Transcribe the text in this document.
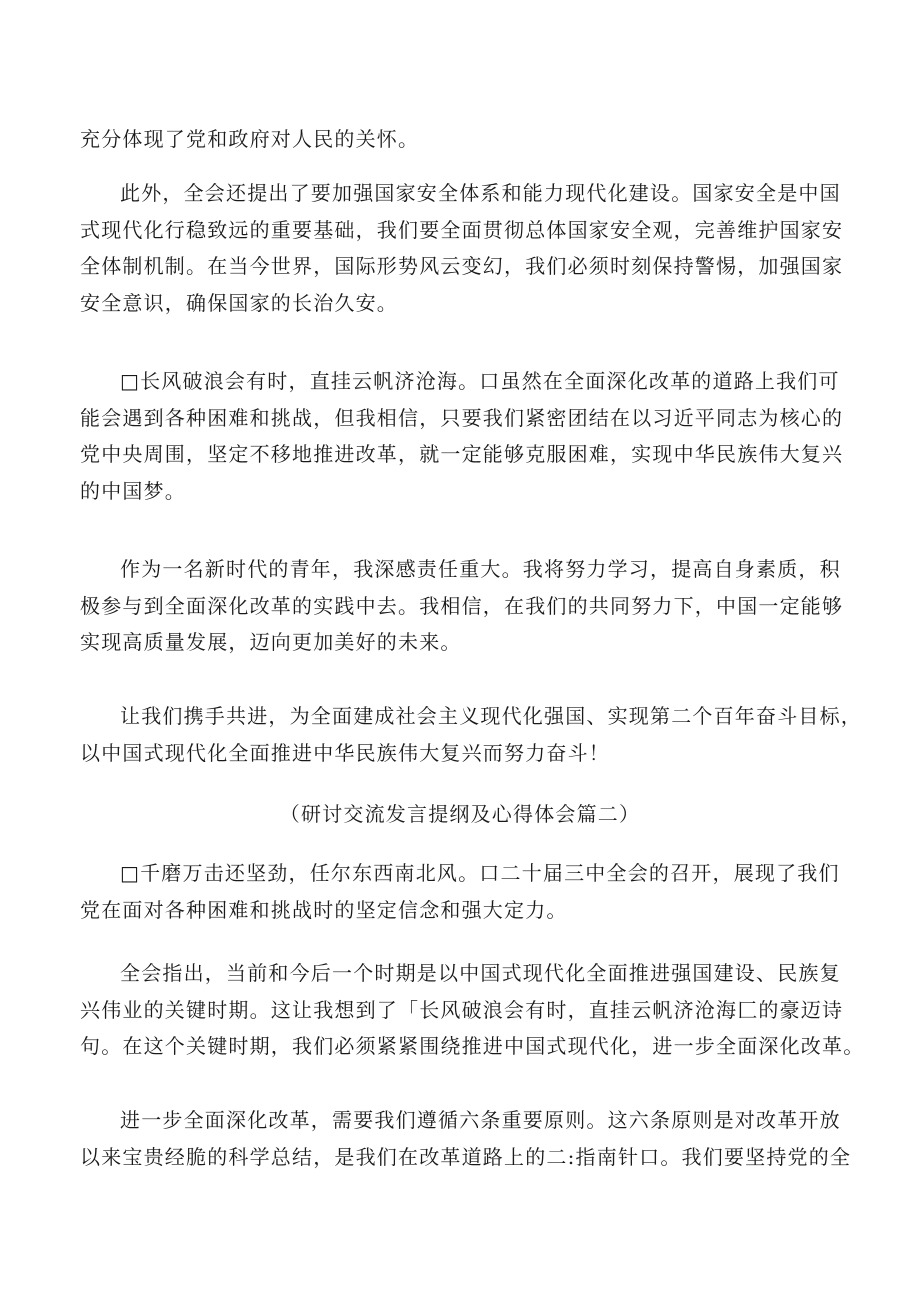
充分体现了党和政府对人民的关怀。
此外，全会还提出了要加强国家安全体系和能力现代化建设。国家安全是中国
式现代化行稳致远的重要基础，我们要全面贯彻总体国家安全观，完善维护国家安
全体制机制。在当今世界，国际形势风云变幻，我们必须时刻保持警惕，加强国家
安全意识，确保国家的长治久安。
□长风破浪会有时，直挂云帆济沧海。口虽然在全面深化改革的道路上我们可
能会遇到各种困难和挑战，但我相信，只要我们紧密团结在以习近平同志为核心的
党中央周围，坚定不移地推进改革，就一定能够克服困难，实现中华民族伟大复兴
的中国梦。
作为一名新时代的青年，我深感责任重大。我将努力学习，提高自身素质，积
极参与到全面深化改革的实践中去。我相信，在我们的共同努力下，中国一定能够
实现高质量发展，迈向更加美好的未来。
让我们携手共进，为全面建成社会主义现代化强国、实现第二个百年奋斗目标，
以中国式现代化全面推进中华民族伟大复兴而努力奋斗！

（研讨交流发言提纲及心得体会篇二）

□千磨万击还坚劲，任尔东西南北风。口二十届三中全会的召开，展现了我们
党在面对各种困难和挑战时的坚定信念和强大定力。
全会指出，当前和今后一个时期是以中国式现代化全面推进强国建设、民族复
兴伟业的关键时期。这让我想到了「长风破浪会有时，直挂云帆济沧海匚的豪迈诗
句。在这个关键时期，我们必须紧紧围绕推进中国式现代化，进一步全面深化改革。
进一步全面深化改革，需要我们遵循六条重要原则。这六条原则是对改革开放
以来宝贵经脆的科学总结，是我们在改革道路上的二:指南针口。我们要坚持党的全
